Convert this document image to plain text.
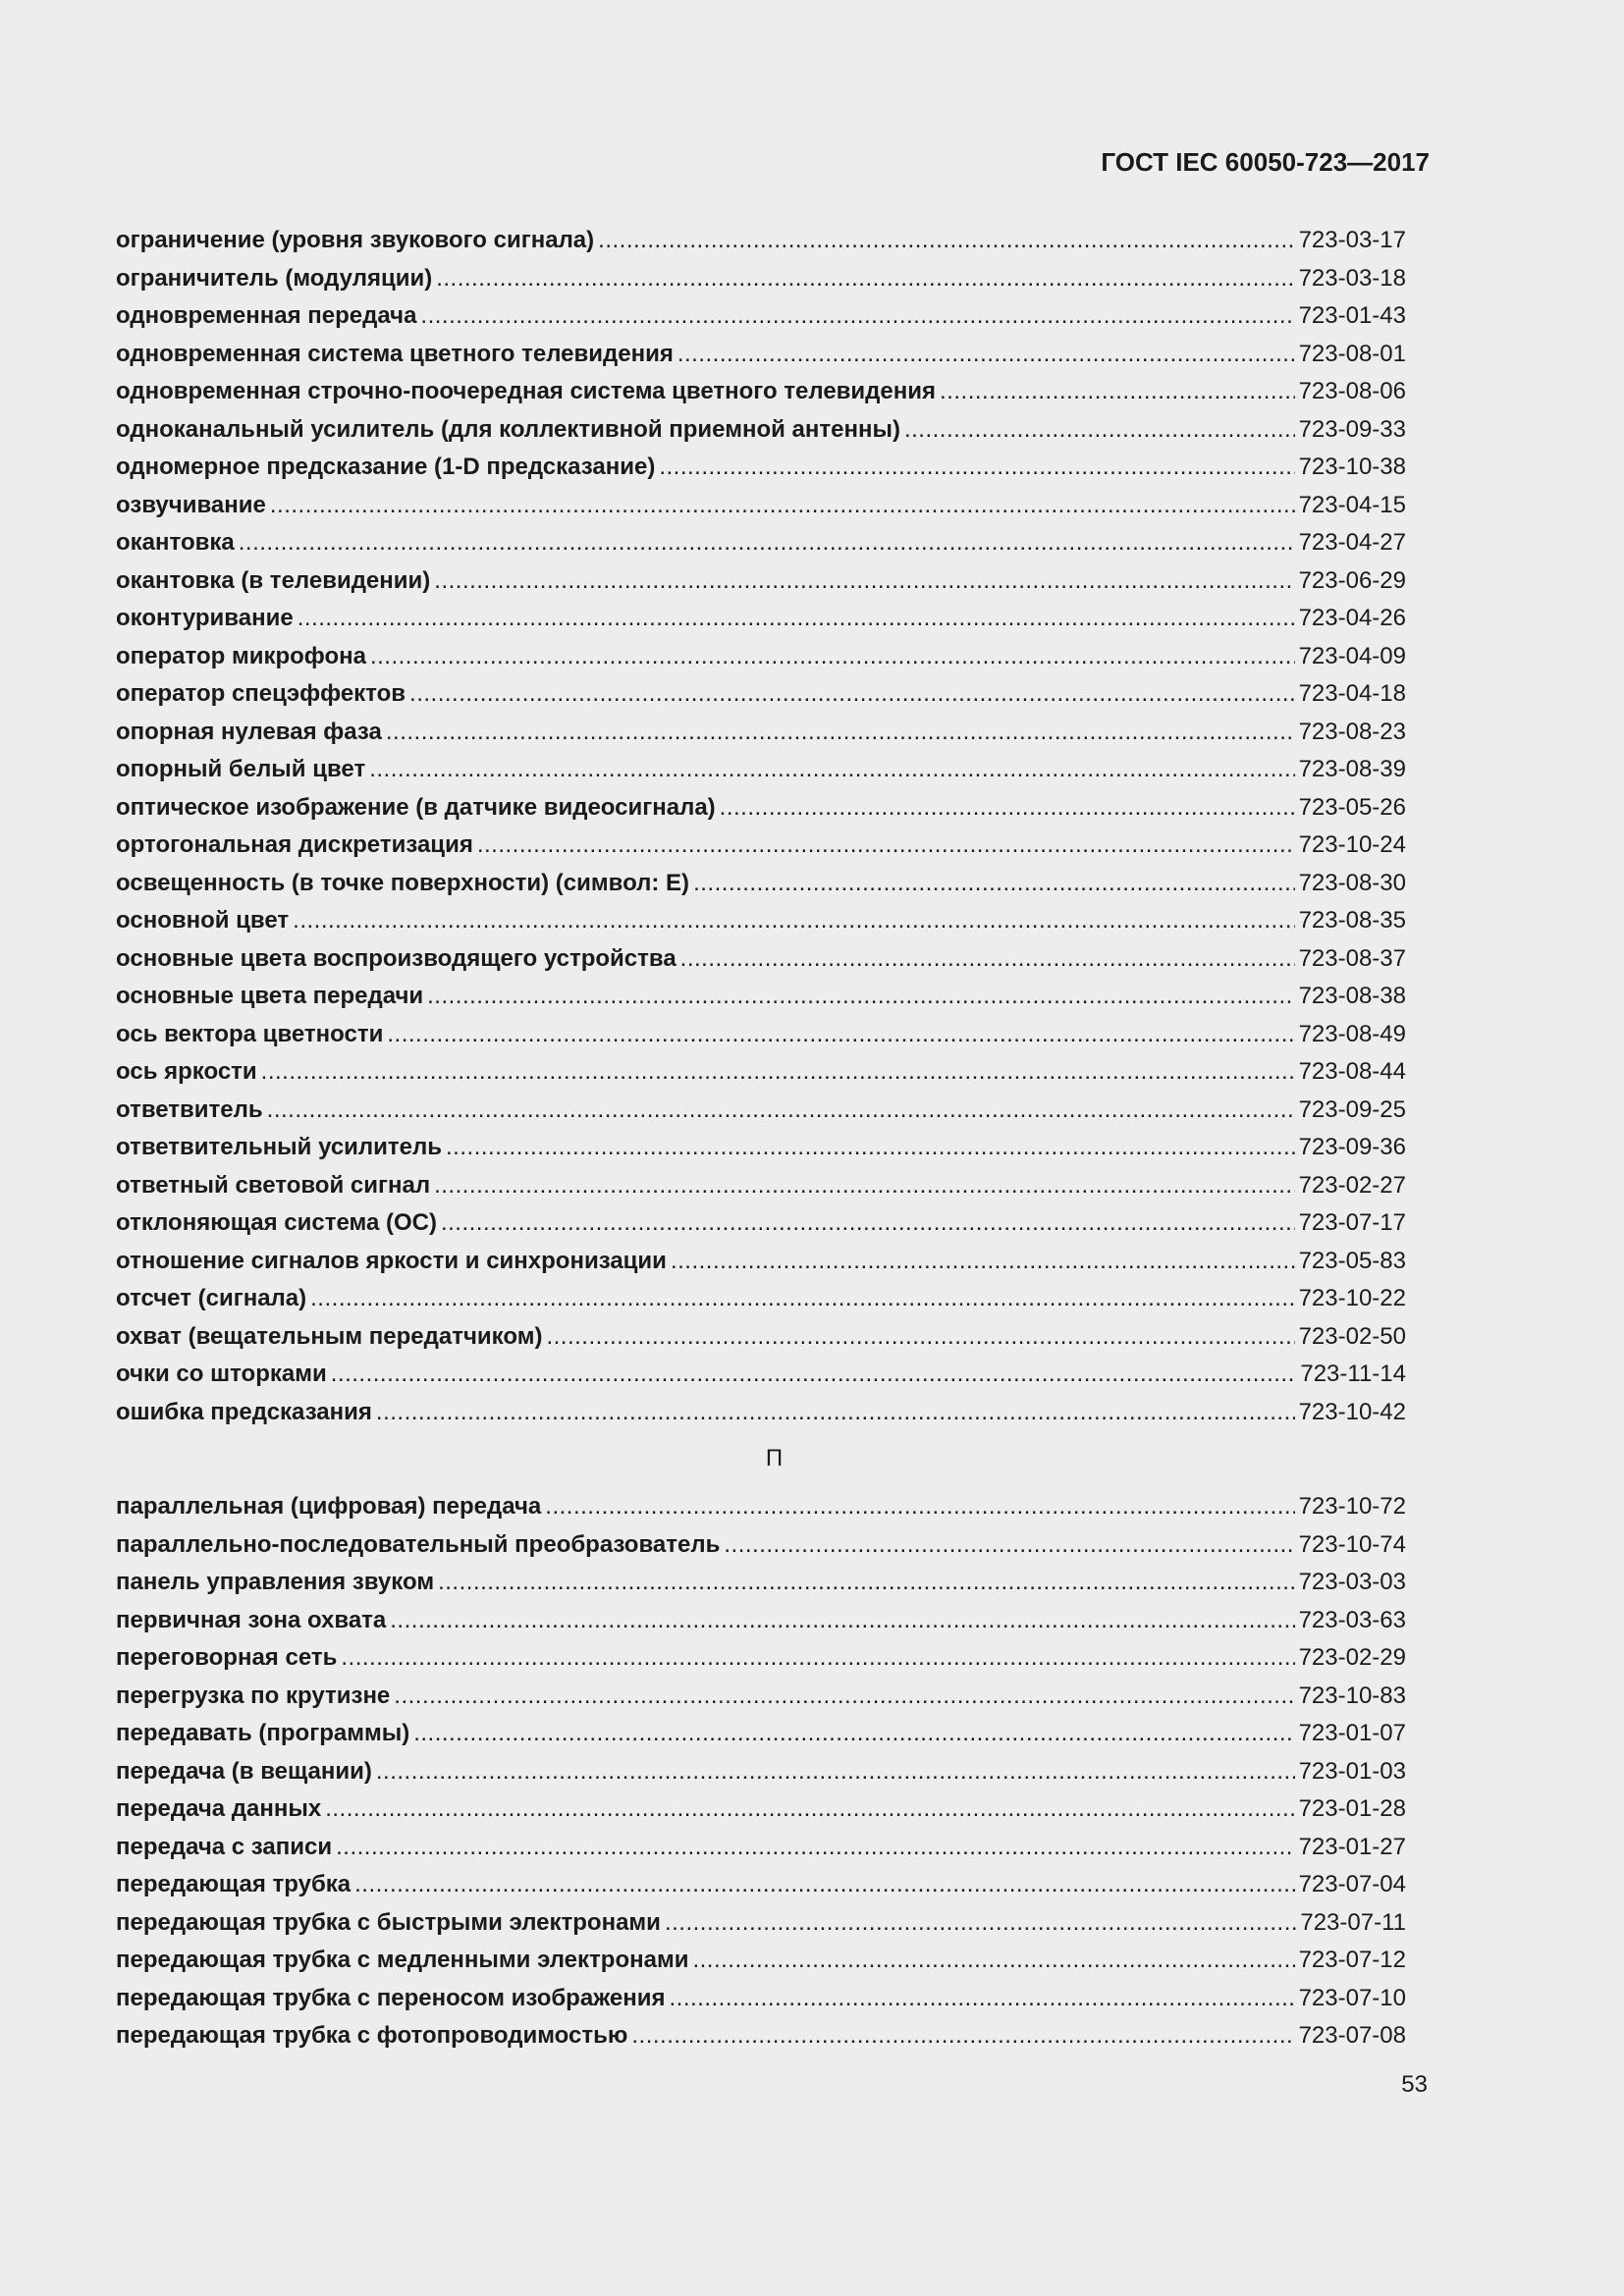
ГОСТ IEC 60050-723—2017
ограничение (уровня звукового сигнала) .....	723-03-17
ограничитель (модуляции) .....	723-03-18
одновременная передача .....	723-01-43
одновременная система цветного телевидения .....	723-08-01
одновременная строчно-поочередная система цветного телевидения .....	723-08-06
одноканальный усилитель (для коллективной приемной антенны) .....	723-09-33
одномерное предсказание (1-D предсказание) .....	723-10-38
озвучивание .....	723-04-15
окантовка .....	723-04-27
окантовка (в телевидении) .....	723-06-29
оконтуривание .....	723-04-26
оператор микрофона .....	723-04-09
оператор спецэффектов .....	723-04-18
опорная нулевая фаза .....	723-08-23
опорный белый цвет .....	723-08-39
оптическое изображение (в датчике видеосигнала) .....	723-05-26
ортогональная дискретизация .....	723-10-24
освещенность (в точке поверхности) (символ: E) .....	723-08-30
основной цвет .....	723-08-35
основные цвета воспроизводящего устройства .....	723-08-37
основные цвета передачи .....	723-08-38
ось вектора цветности .....	723-08-49
ось яркости .....	723-08-44
ответвитель .....	723-09-25
ответвительный усилитель .....	723-09-36
ответный световой сигнал .....	723-02-27
отклоняющая система (ОС) .....	723-07-17
отношение сигналов яркости и синхронизации .....	723-05-83
отсчет (сигнала) .....	723-10-22
охват (вещательным передатчиком) .....	723-02-50
очки со шторками .....	723-11-14
ошибка предсказания .....	723-10-42
П
параллельная (цифровая) передача .....	723-10-72
параллельно-последовательный преобразователь .....	723-10-74
панель управления звуком .....	723-03-03
первичная зона охвата .....	723-03-63
переговорная сеть .....	723-02-29
перегрузка по крутизне .....	723-10-83
передавать (программы) .....	723-01-07
передача (в вещании) .....	723-01-03
передача данных .....	723-01-28
передача с записи .....	723-01-27
передающая трубка .....	723-07-04
передающая трубка с быстрыми электронами .....	723-07-11
передающая трубка с медленными электронами .....	723-07-12
передающая трубка с переносом изображения .....	723-07-10
передающая трубка с фотопроводимостью .....	723-07-08
53
